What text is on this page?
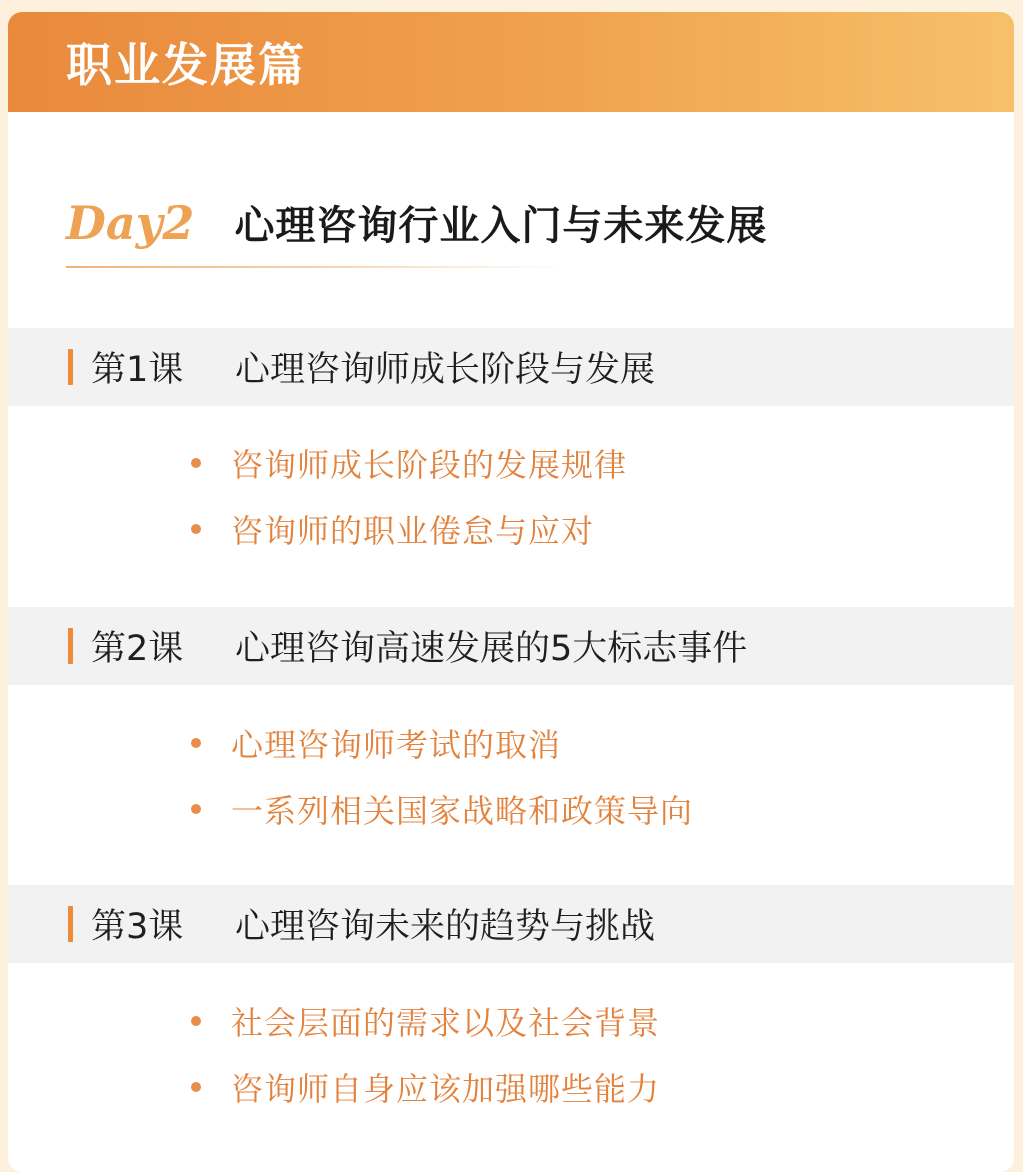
职业发展篇
Day2 心理咨询行业入门与未来发展
第1课	心理咨询师成长阶段与发展
咨询师成长阶段的发展规律
咨询师的职业倦怠与应对
第2课	心理咨询高速发展的5大标志事件
心理咨询师考试的取消
一系列相关国家战略和政策导向
第3课	心理咨询未来的趋势与挑战
社会层面的需求以及社会背景
咨询师自身应该加强哪些能力
